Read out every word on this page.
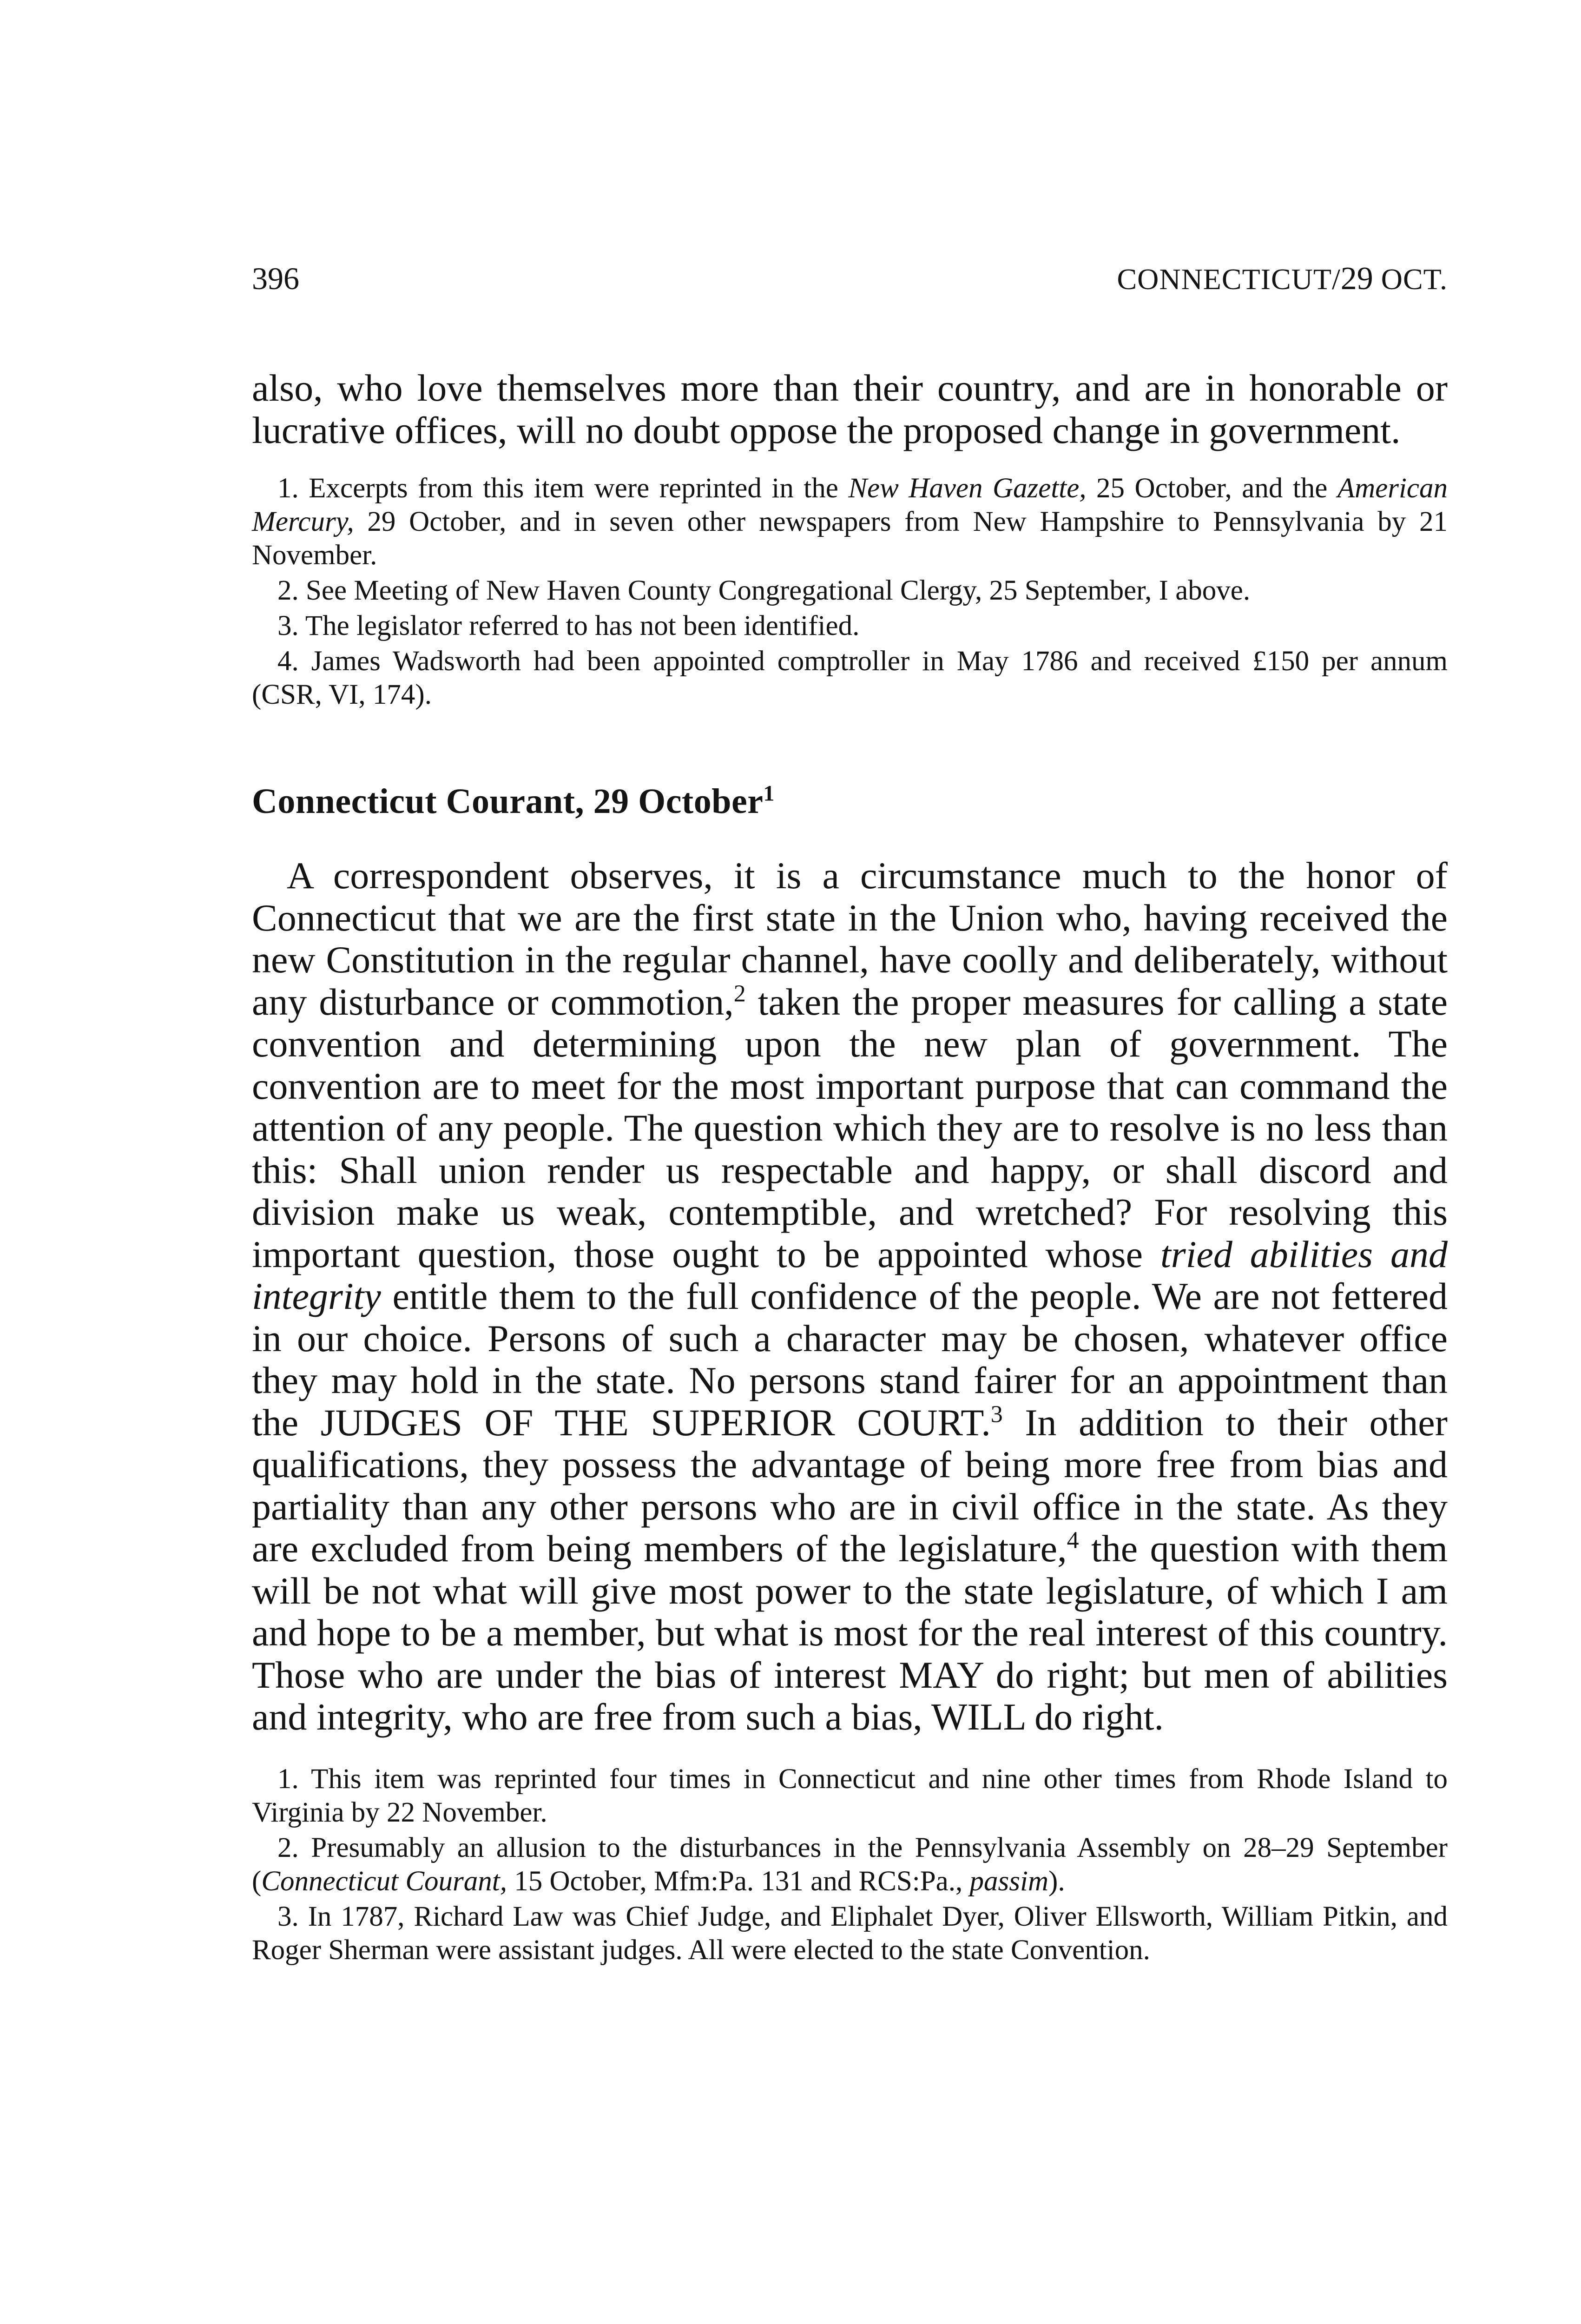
396	CONNECTICUT/29 OCT.

also, who love themselves more than their country, and are in honorable or lucrative offices, will no doubt oppose the proposed change in government.

1. Excerpts from this item were reprinted in the New Haven Gazette, 25 October, and the American Mercury, 29 October, and in seven other newspapers from New Hampshire to Pennsylvania by 21 November.

2. See Meeting of New Haven County Congregational Clergy, 25 September, I above.

3. The legislator referred to has not been identified.

4. James Wadsworth had been appointed comptroller in May 1786 and received £150 per annum (CSR, VI, 174).

Connecticut Courant, 29 October$^1$

A correspondent observes, it is a circumstance much to the honor of Connecticut that we are the first state in the Union who, having received the new Constitution in the regular channel, have coolly and deliberately, without any disturbance or commotion,$^2$ taken the proper measures for calling a state convention and determining upon the new plan of government. The convention are to meet for the most important purpose that can command the attention of any people. The question which they are to resolve is no less than this: Shall union render us respectable and happy, or shall discord and division make us weak, contemptible, and wretched? For resolving this important question, those ought to be appointed whose tried abilities and integrity entitle them to the full confidence of the people. We are not fettered in our choice. Persons of such a character may be chosen, whatever office they may hold in the state. No persons stand fairer for an appointment than the JUDGES OF THE SUPERIOR COURT.$^3$ In addition to their other qualifications, they possess the advantage of being more free from bias and partiality than any other persons who are in civil office in the state. As they are excluded from being members of the legislature,$^4$ the question with them will be not what will give most power to the state legislature, of which I am and hope to be a member, but what is most for the real interest of this country. Those who are under the bias of interest MAY do right; but men of abilities and integrity, who are free from such a bias, WILL do right.

1. This item was reprinted four times in Connecticut and nine other times from Rhode Island to Virginia by 22 November.

2. Presumably an allusion to the disturbances in the Pennsylvania Assembly on 28–29 September (Connecticut Courant, 15 October, Mfm:Pa. 131 and RCS:Pa., passim).

3. In 1787, Richard Law was Chief Judge, and Eliphalet Dyer, Oliver Ellsworth, William Pitkin, and Roger Sherman were assistant judges. All were elected to the state Convention.
